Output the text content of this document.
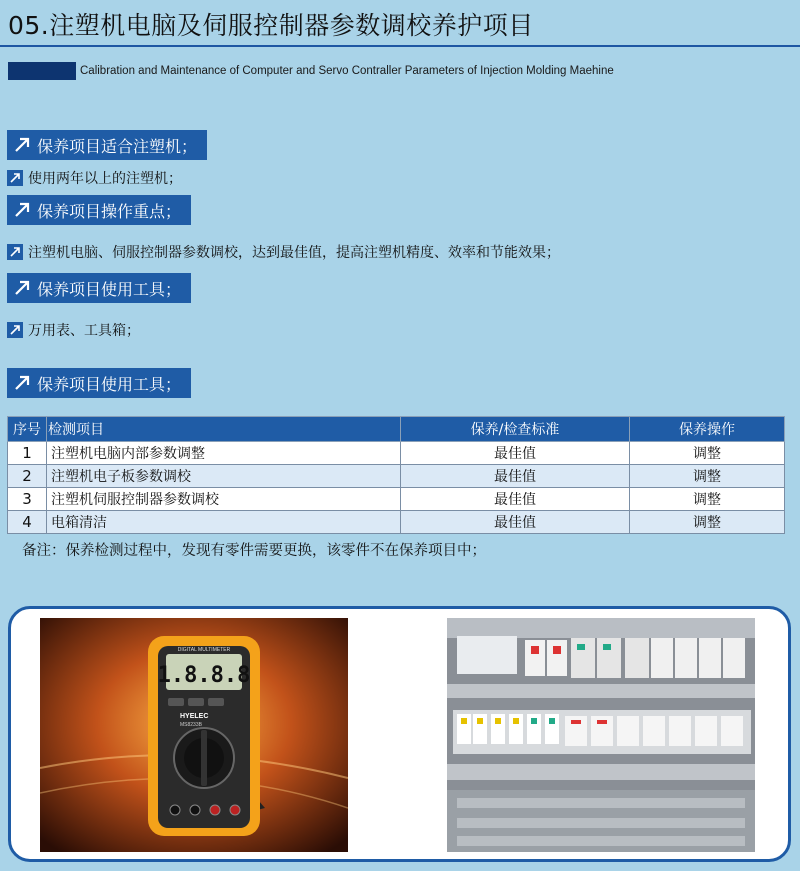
05.注塑机电脑及伺服控制器参数调校养护项目
Calibration and Maintenance of Computer and Servo Contraller Parameters of Injection Molding Maehine
保养项目适合注塑机；
使用两年以上的注塑机；
保养项目操作重点；
注塑机电脑、伺服控制器参数调校，达到最佳值，提高注塑机精度、效率和节能效果；
保养项目使用工具；
万用表、工具箱；
保养项目使用工具；
序号	检测项目	保养/检查标准	保养操作
1	注塑机电脑内部参数调整	最佳值	调整
2	注塑机电子板参数调校	最佳值	调整
3	注塑机伺服控制器参数调校	最佳值	调整
4	电箱清洁	最佳值	调整
备注：保养检测过程中，发现有零件需要更换，该零件不在保养项目中；
1.8.8.8
DIGITAL MULTIMETER
HYELEC
MS8233B
